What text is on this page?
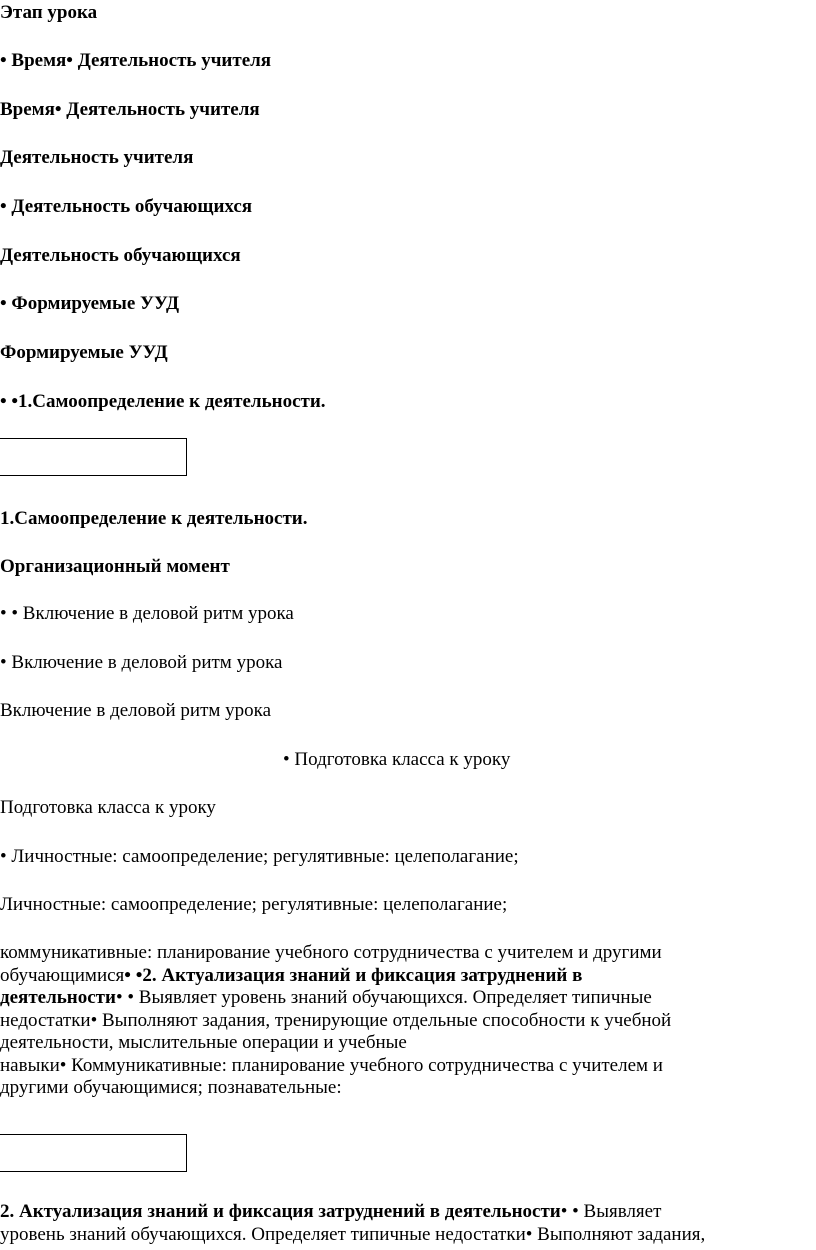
Этап урока
• Время• Деятельность учителя
Время• Деятельность учителя
Деятельность учителя
• Деятельность обучающихся
Деятельность обучающихся
• Формируемые УУД
Формируемые УУД
• •1.Самоопределение к деятельности.
1.Самоопределение к деятельности.
Организационный момент
• • Включение в деловой ритм урока
• Включение в деловой ритм урока
Включение в деловой ритм урока
• Подготовка класса к уроку
Подготовка класса к уроку
• Личностные: самоопределение; регулятивные: целеполагание;
Личностные: самоопределение; регулятивные: целеполагание;
коммуникативные: планирование учебного сотрудничества с учителем и другими
обучающимися• •2. Актуализация знаний и фиксация затруднений в
деятельности• • Выявляет уровень знаний обучающихся. Определяет типичные
недостатки• Выполняют задания, тренирующие отдельные способности к учебной
деятельности, мыслительные операции и учебные
навыки• Коммуникативные: планирование учебного сотрудничества с учителем и
другими обучающимися; познавательные:
2. Актуализация знаний и фиксация затруднений в деятельности• • Выявляет
уровень знаний обучающихся. Определяет типичные недостатки• Выполняют задания,
